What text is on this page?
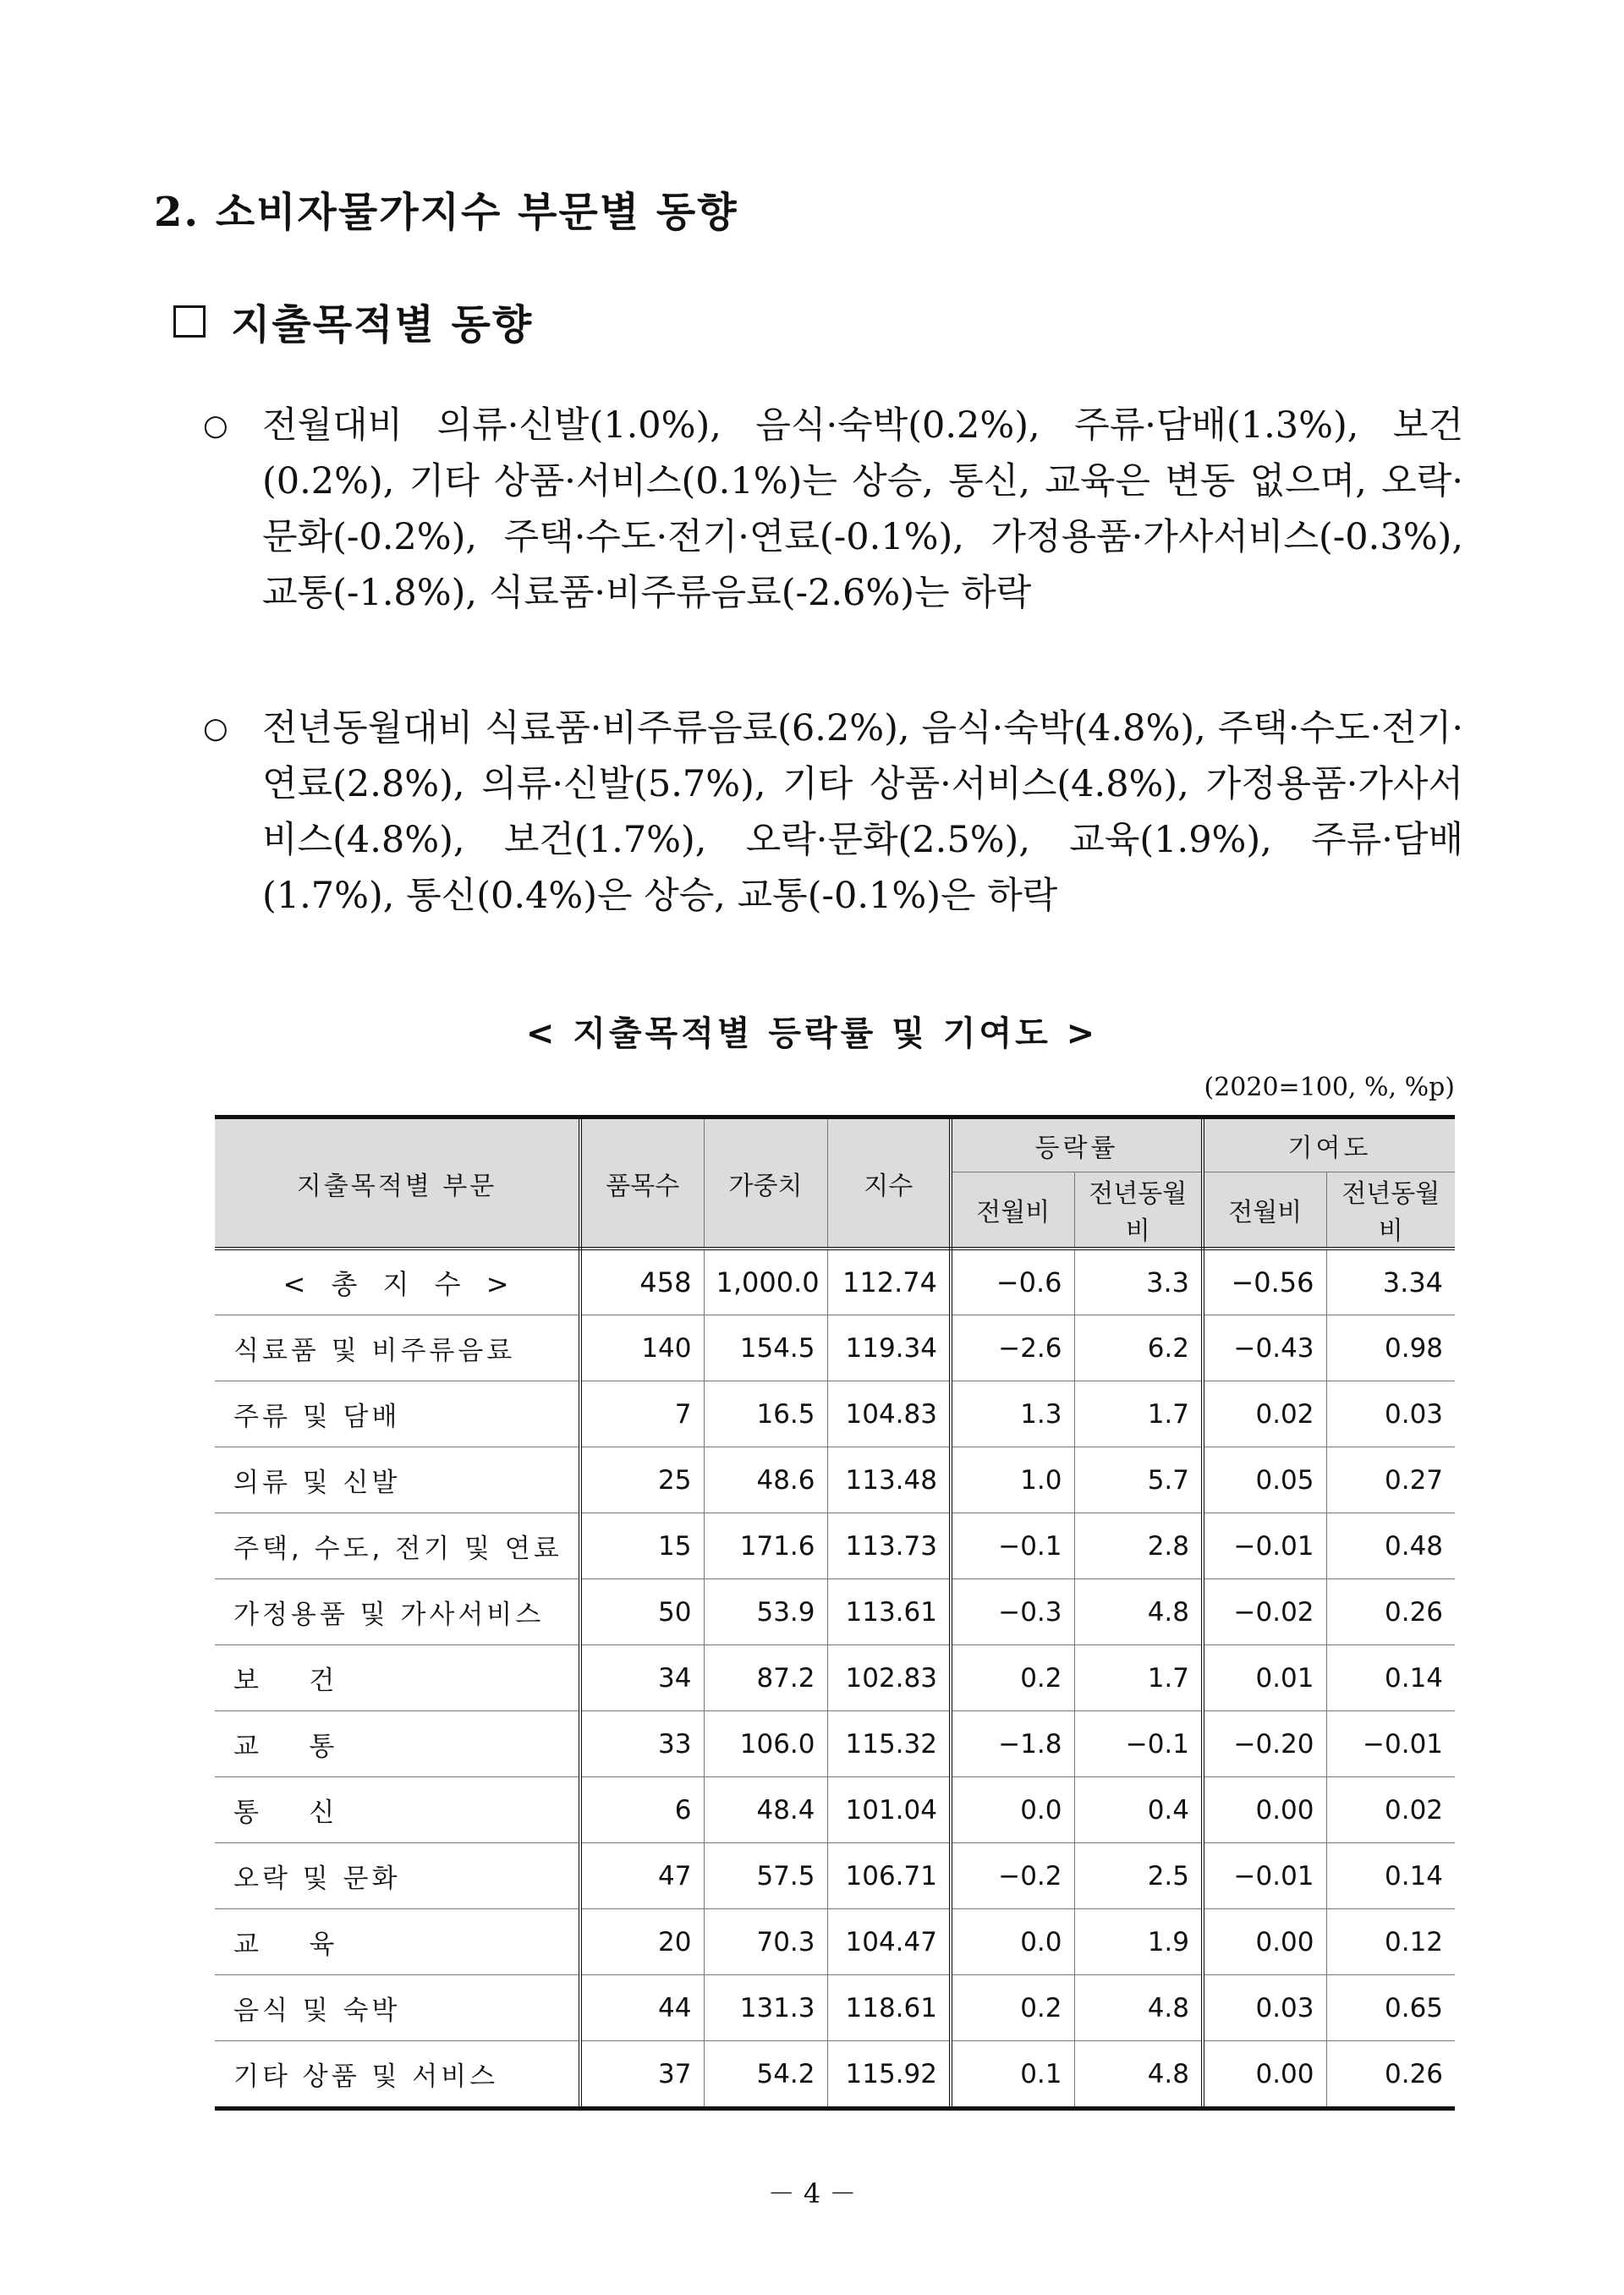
2. 소비자물가지수 부문별 동향
지출목적별 동향
○ 전월대비 의류·신발(1.0%), 음식·숙박(0.2%), 주류·담배(1.3%), 보건(0.2%), 기타 상품·서비스(0.1%)는 상승, 통신, 교육은 변동 없으며, 오락·문화(-0.2%), 주택·수도·전기·연료(-0.1%), 가정용품·가사서비스(-0.3%), 교통(-1.8%), 식료품·비주류음료(-2.6%)는 하락
○ 전년동월대비 식료품·비주류음료(6.2%), 음식·숙박(4.8%), 주택·수도·전기·연료(2.8%), 의류·신발(5.7%), 기타 상품·서비스(4.8%), 가정용품·가사서비스(4.8%), 보건(1.7%), 오락·문화(2.5%), 교육(1.9%), 주류·담배(1.7%), 통신(0.4%)은 상승, 교통(-0.1%)은 하락
< 지출목적별 등락률 및 기여도 >
(2020=100, %, %p)
지출목적별 부문	품목수	가중치	지수	등락률		기여도	
				전월비	전년동월비	전월비	전년동월비
< 총 지 수 >	458	1,000.0	112.74	−0.6	3.3	−0.56	3.34
식료품 및 비주류음료	140	154.5	119.34	−2.6	6.2	−0.43	0.98
주류 및 담배	7	16.5	104.83	1.3	1.7	0.02	0.03
의류 및 신발	25	48.6	113.48	1.0	5.7	0.05	0.27
주택, 수도, 전기 및 연료	15	171.6	113.73	−0.1	2.8	−0.01	0.48
가정용품 및 가사서비스	50	53.9	113.61	−0.3	4.8	−0.02	0.26
보    건	34	87.2	102.83	0.2	1.7	0.01	0.14
교    통	33	106.0	115.32	−1.8	−0.1	−0.20	−0.01
통    신	6	48.4	101.04	0.0	0.4	0.00	0.02
오락 및 문화	47	57.5	106.71	−0.2	2.5	−0.01	0.14
교    육	20	70.3	104.47	0.0	1.9	0.00	0.12
음식 및 숙박	44	131.3	118.61	0.2	4.8	0.03	0.65
기타 상품 및 서비스	37	54.2	115.92	0.1	4.8	0.00	0.26
－ 4 －
